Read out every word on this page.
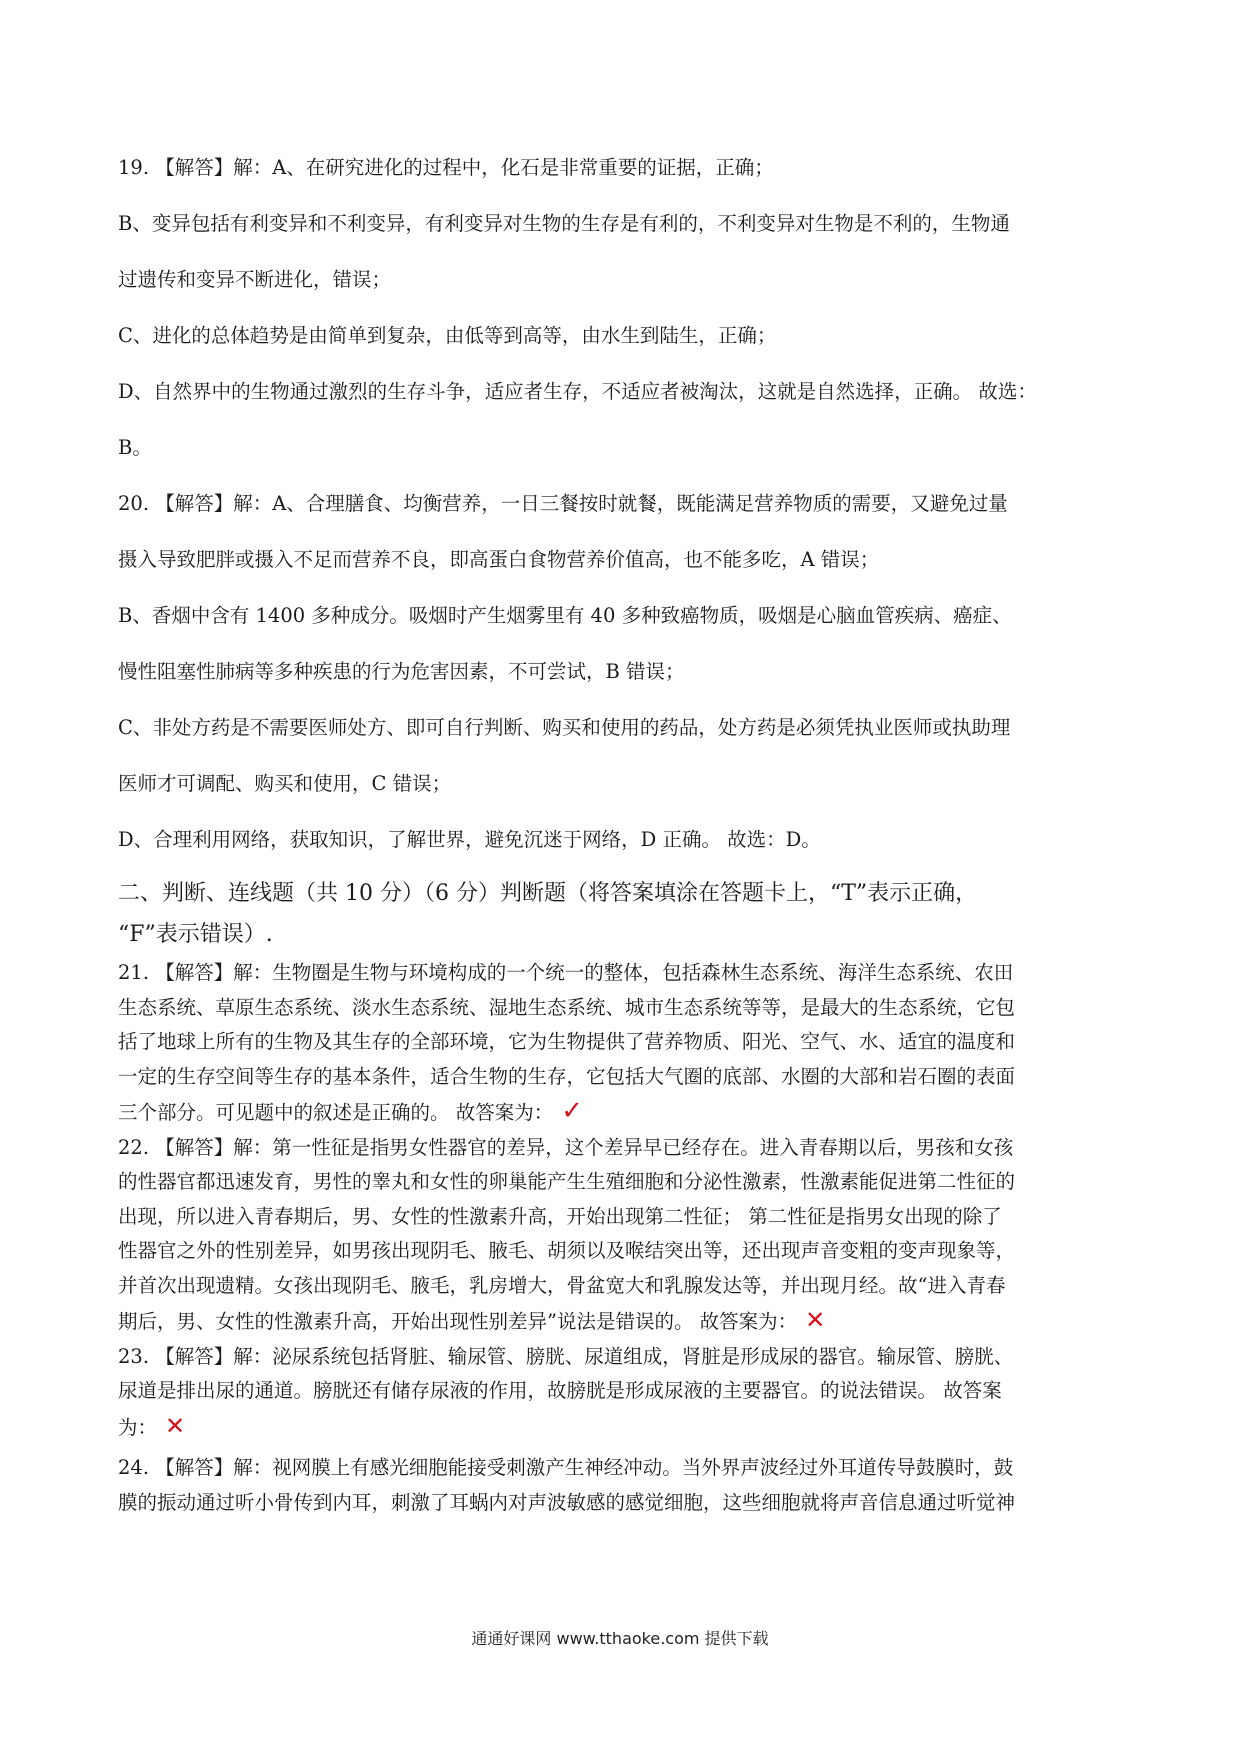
19. 【解答】解：A、在研究进化的过程中，化石是非常重要的证据，正确；

B、变异包括有利变异和不利变异，有利变异对生物的生存是有利的，不利变异对生物是不利的，生物通

过遗传和变异不断进化，错误；

C、进化的总体趋势是由简单到复杂，由低等到高等，由水生到陆生，正确；

D、自然界中的生物通过激烈的生存斗争，适应者生存，不适应者被淘汰，这就是自然选择，正确。 故选：

B。

20. 【解答】解：A、合理膳食、均衡营养，一日三餐按时就餐，既能满足营养物质的需要，又避免过量

摄入导致肥胖或摄入不足而营养不良，即高蛋白食物营养价值高，也不能多吃，A 错误；

B、香烟中含有 1400 多种成分。吸烟时产生烟雾里有 40 多种致癌物质，吸烟是心脑血管疾病、癌症、

慢性阻塞性肺病等多种疾患的行为危害因素，不可尝试，B 错误；

C、非处方药是不需要医师处方、即可自行判断、购买和使用的药品，处方药是必须凭执业医师或执助理

医师才可调配、购买和使用，C 错误；

D、合理利用网络，获取知识，了解世界，避免沉迷于网络，D 正确。 故选：D。

二、判断、连线题（共 10 分）（6 分）判断题（将答案填涂在答题卡上，“T”表示正确，

“F”表示错误）.

21. 【解答】解：生物圈是生物与环境构成的一个统一的整体，包括森林生态系统、海洋生态系统、农田

生态系统、草原生态系统、淡水生态系统、湿地生态系统、城市生态系统等等，是最大的生态系统，它包

括了地球上所有的生物及其生存的全部环境，它为生物提供了营养物质、阳光、空气、水、适宜的温度和

一定的生存空间等生存的基本条件，适合生物的生存，它包括大气圈的底部、水圈的大部和岩石圈的表面

三个部分。可见题中的叙述是正确的。 故答案为： ✓

22. 【解答】解：第一性征是指男女性器官的差异，这个差异早已经存在。进入青春期以后，男孩和女孩

的性器官都迅速发育，男性的睾丸和女性的卵巢能产生生殖细胞和分泌性激素，性激素能促进第二性征的

出现，所以进入青春期后，男、女性的性激素升高，开始出现第二性征； 第二性征是指男女出现的除了

性器官之外的性别差异，如男孩出现阴毛、腋毛、胡须以及喉结突出等，还出现声音变粗的变声现象等，

并首次出现遗精。女孩出现阴毛、腋毛，乳房增大，骨盆宽大和乳腺发达等，并出现月经。故“进入青春

期后，男、女性的性激素升高，开始出现性别差异”说法是错误的。 故答案为： ✕

23. 【解答】解：泌尿系统包括肾脏、输尿管、膀胱、尿道组成，肾脏是形成尿的器官。输尿管、膀胱、

尿道是排出尿的通道。膀胱还有储存尿液的作用，故膀胱是形成尿液的主要器官。的说法错误。 故答案

为： ✕

24. 【解答】解：视网膜上有感光细胞能接受刺激产生神经冲动。当外界声波经过外耳道传导鼓膜时，鼓

膜的振动通过听小骨传到内耳，刺激了耳蜗内对声波敏感的感觉细胞，这些细胞就将声音信息通过听觉神

通通好课网 www.tthaoke.com 提供下载
